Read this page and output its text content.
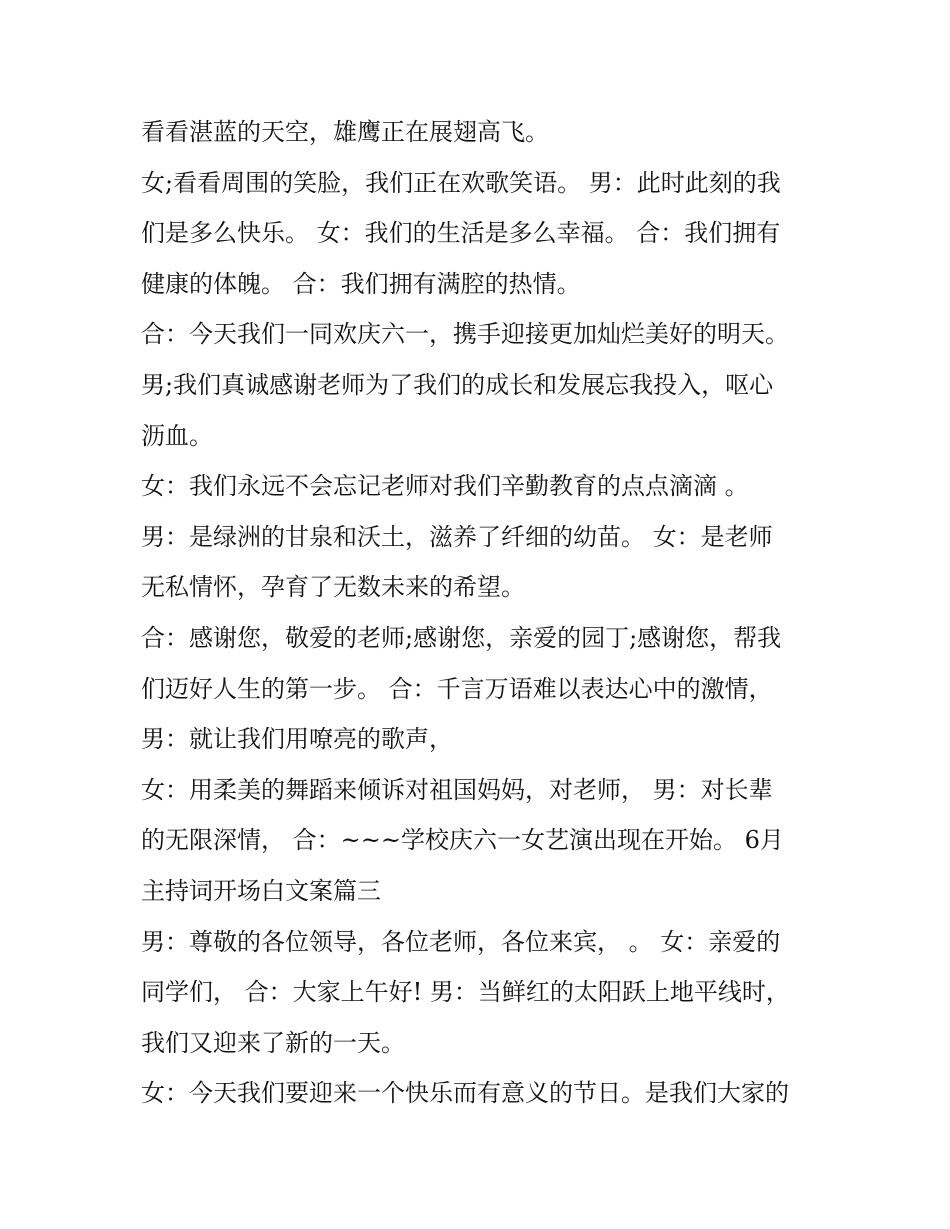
看看湛蓝的天空，雄鹰正在展翅高飞。
女;看看周围的笑脸，我们正在欢歌笑语。 男：此时此刻的我
们是多么快乐。 女：我们的生活是多么幸福。 合：我们拥有
健康的体魄。 合：我们拥有满腔的热情。
合：今天我们一同欢庆六一，携手迎接更加灿烂美好的明天。
男;我们真诚感谢老师为了我们的成长和发展忘我投入，呕心
沥血。
女：我们永远不会忘记老师对我们辛勤教育的点点滴滴 。
男：是绿洲的甘泉和沃土，滋养了纤细的幼苗。 女：是老师
无私情怀，孕育了无数未来的希望。
合：感谢您，敬爱的老师;感谢您，亲爱的园丁;感谢您，帮我
们迈好人生的第一步。 合：千言万语难以表达心中的激情，
男：就让我们用嘹亮的歌声，
女：用柔美的舞蹈来倾诉对祖国妈妈，对老师， 男：对长辈
的无限深情， 合：~~~学校庆六一女艺演出现在开始。 6月
主持词开场白文案篇三
男：尊敬的各位领导，各位老师，各位来宾， 。 女：亲爱的
同学们， 合：大家上午好! 男：当鲜红的太阳跃上地平线时，
我们又迎来了新的一天。
女：今天我们要迎来一个快乐而有意义的节日。是我们大家的
